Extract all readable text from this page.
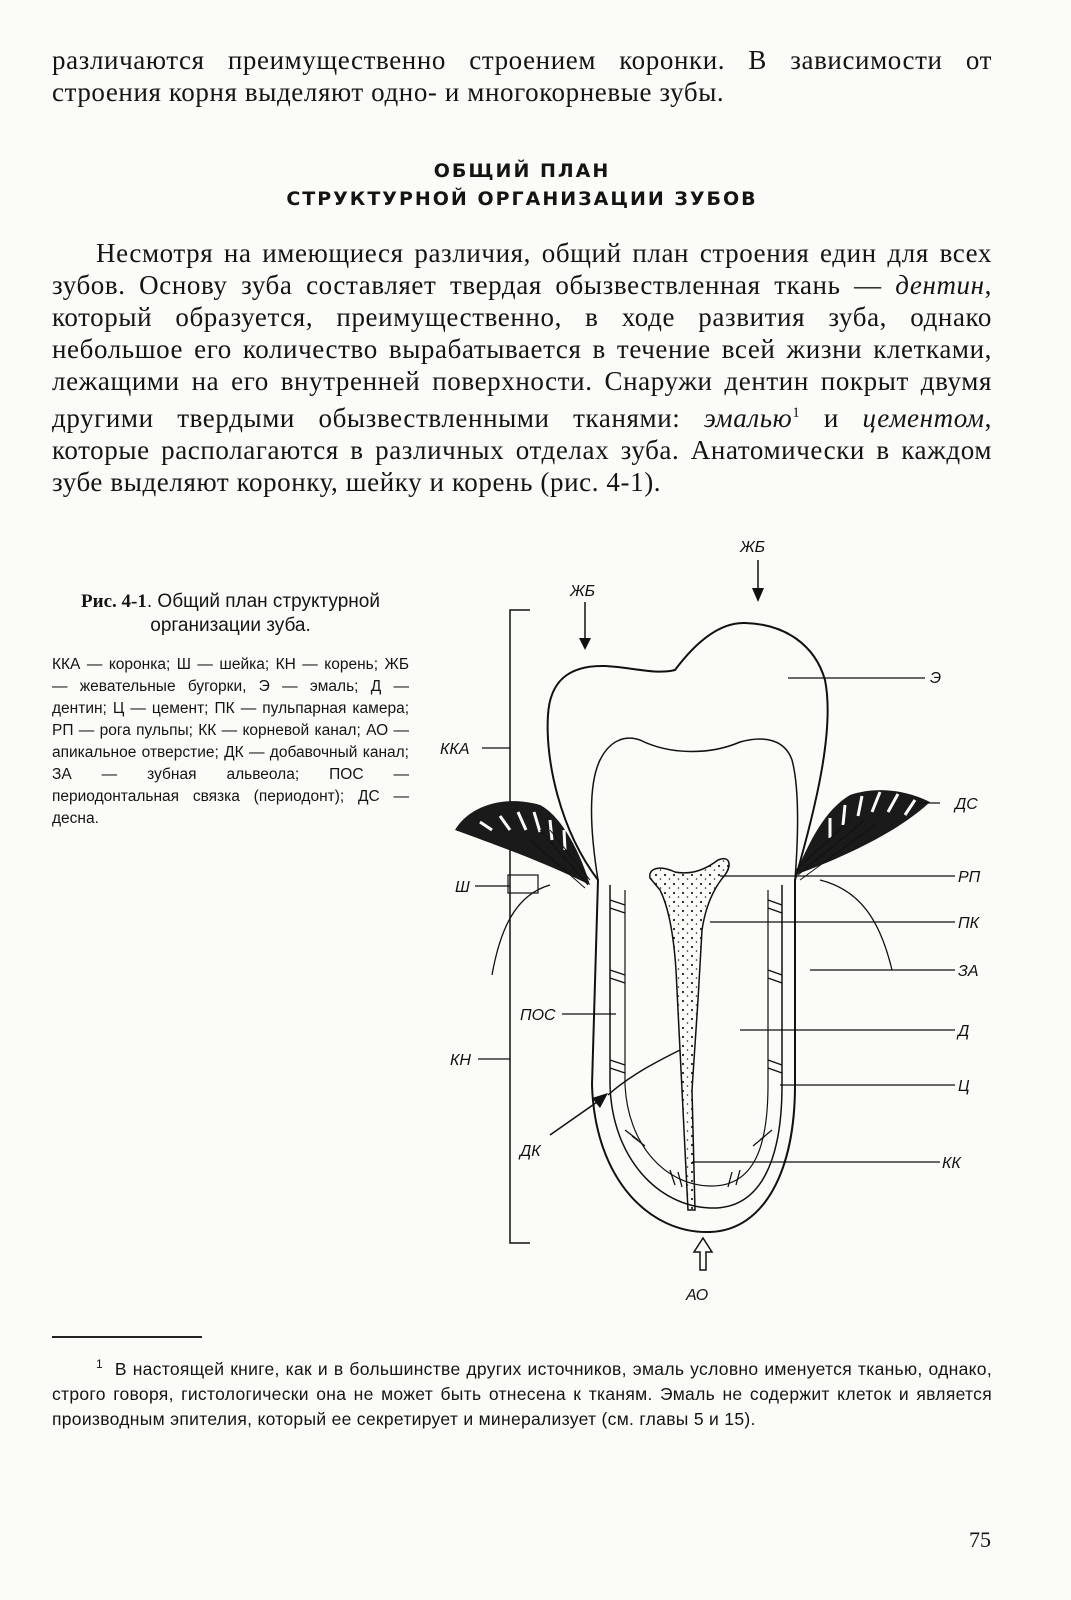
различаются преимущественно строением коронки. В зависимости от строения корня выделяют одно- и многокорневые зубы.

ОБЩИЙ ПЛАН
СТРУКТУРНОЙ ОРГАНИЗАЦИИ ЗУБОВ

Несмотря на имеющиеся различия, общий план строения един для всех зубов. Основу зуба составляет твердая обызвествленная ткань — дентин, который образуется, преимущественно, в ходе развития зуба, однако небольшое его количество вырабатывается в течение всей жизни клетками, лежащими на его внутренней поверхности. Снаружи дентин покрыт двумя другими твердыми обызвествленными тканями: эмалью$^1$ и цементом, которые располагаются в различных отделах зуба. Анатомически в каждом зубе выделяют коронку, шейку и корень (рис. 4-1).

Рис. 4-1. Общий план структурной организации зуба.
ККА — коронка; Ш — шейка; КН — корень; ЖБ — жевательные бугорки, Э — эмаль; Д — дентин; Ц — цемент; ПК — пульпарная камера; РП — рога пульпы; КК — корневой канал; АО — апикальное отверстие; ДК — добавочный канал; ЗА — зубная альвеола; ПОС — периодонтальная связка (периодонт); ДС — десна.
ЖБ
ЖБ
Э
ДС
РП
ПК
ЗА
Д
Ц
КК
ККА
Ш
КН
ПОС
ДК
АО
$^1$ В настоящей книге, как и в большинстве других источников, эмаль условно именуется тканью, однако, строго говоря, гистологически она не может быть отнесена к тканям. Эмаль не содержит клеток и является производным эпителия, который ее секретирует и минерализует (см. главы 5 и 15).
75
